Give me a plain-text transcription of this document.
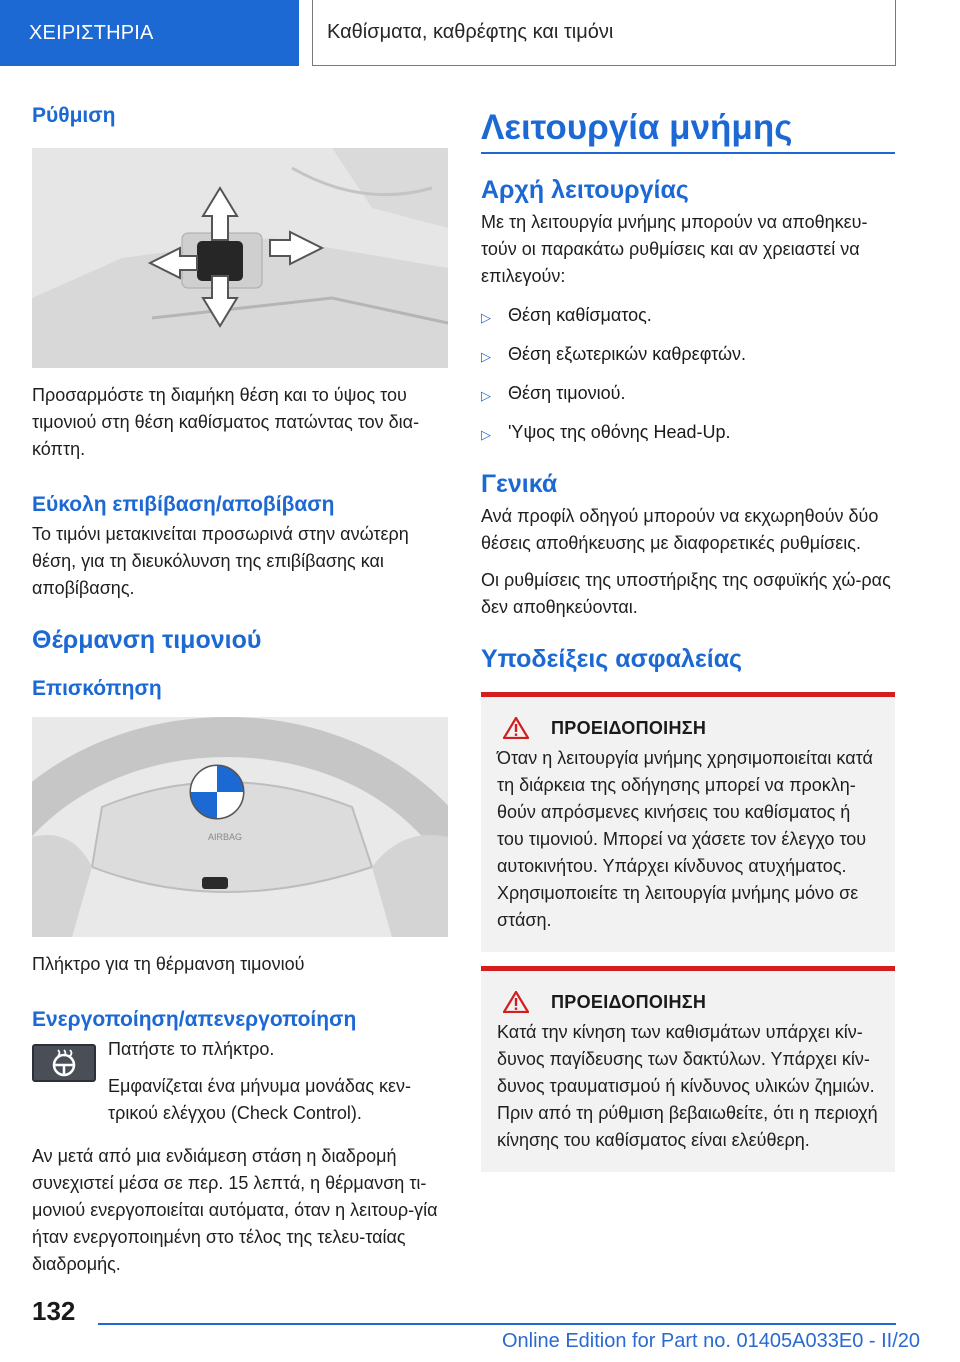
ΧΕΙΡΙΣΤΗΡΙΑ	Καθίσματα, καθρέφτης και τιμόνι
Ρύθμιση

Προσαρμόστε τη διαμήκη θέση και το ύψος του τιμονιού στη θέση καθίσματος πατώντας τον δια-κόπτη.

Εύκολη επιβίβαση/αποβίβαση

Το τιμόνι μετακινείται προσωρινά στην ανώτερη θέση, για τη διευκόλυνση της επιβίβασης και αποβίβασης.

Θέρμανση τιμονιού
Επισκόπηση
AIRBAG

Πλήκτρο για τη θέρμανση τιμονιού

Ενεργοποίηση/απενεργοποίηση

Πατήστε το πλήκτρο.

Εμφανίζεται ένα μήνυμα μονάδας κεν-τρικού ελέγχου (Check Control).

Αν μετά από μια ενδιάμεση στάση η διαδρομή συνεχιστεί μέσα σε περ. 15 λεπτά, η θέρμανση τι-μονιού ενεργοποιείται αυτόματα, όταν η λειτουρ-γία ήταν ενεργοποιημένη στο τέλος της τελευ-ταίας διαδρομής.

Λειτουργία μνήμης
Αρχή λειτουργίας

Με τη λειτουργία μνήμης μπορούν να αποθηκευ-τούν οι παρακάτω ρυθμίσεις και αν χρειαστεί να επιλεγούν:

▷ Θέση καθίσματος.
▷ Θέση εξωτερικών καθρεφτών.
▷ Θέση τιμονιού.
▷ 'Υψος της οθόνης Head-Up.
Γενικά

Ανά προφίλ οδηγού μπορούν να εκχωρηθούν δύο θέσεις αποθήκευσης με διαφορετικές ρυθμίσεις.

Οι ρυθμίσεις της υποστήριξης της οσφυϊκής χώ-ρας δεν αποθηκεύονται.

Υποδείξεις ασφαλείας
ΠΡΟΕΙΔΟΠΟΙΗΣΗ

Όταν η λειτουργία μνήμης χρησιμοποιείται κατά τη διάρκεια της οδήγησης μπορεί να προκλη-θούν απρόσμενες κινήσεις του καθίσματος ή του τιμονιού. Μπορεί να χάσετε τον έλεγχο του αυτοκινήτου. Υπάρχει κίνδυνος ατυχήματος. Χρησιμοποιείτε τη λειτουργία μνήμης μόνο σε στάση.

ΠΡΟΕΙΔΟΠΟΙΗΣΗ

Κατά την κίνηση των καθισμάτων υπάρχει κίν-δυνος παγίδευσης των δακτύλων. Υπάρχει κίν-δυνος τραυματισμού ή κίνδυνος υλικών ζημιών. Πριν από τη ρύθμιση βεβαιωθείτε, ότι η περιοχή κίνησης του καθίσματος είναι ελεύθερη.

132
Online Edition for Part no. 01405A033E0 - II/20
